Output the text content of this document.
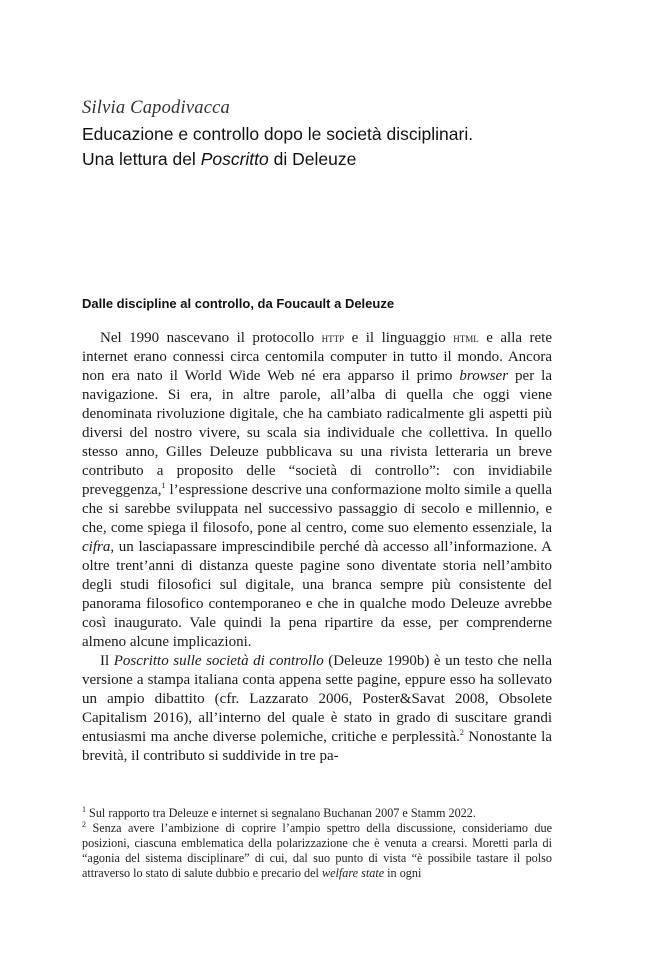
Silvia Capodivacca
Educazione e controllo dopo le società disciplinari.
Una lettura del Poscritto di Deleuze
Dalle discipline al controllo, da Foucault a Deleuze

Nel 1990 nascevano il protocollo http e il linguaggio html e alla rete internet erano connessi circa centomila computer in tutto il mondo. Ancora non era nato il World Wide Web né era apparso il primo browser per la navigazione. Si era, in altre parole, all’alba di quella che oggi viene denominata rivoluzione digitale, che ha cambiato radicalmente gli aspetti più diversi del nostro vivere, su scala sia individuale che collettiva. In quello stesso anno, Gilles Deleuze pubblicava su una rivista letteraria un breve contributo a proposito delle “società di controllo”: con invidiabile preveggenza,$^1$ l’espressione descrive una conformazione molto simile a quella che si sarebbe sviluppata nel successivo passaggio di secolo e millennio, e che, come spiega il filosofo, pone al centro, come suo elemento essenziale, la cifra, un lasciapassare imprescindibile perché dà accesso all’informazione. A oltre trent’anni di distanza queste pagine sono diventate storia nell’ambito degli studi filosofici sul digitale, una branca sempre più consistente del panorama filosofico contemporaneo e che in qualche modo Deleuze avrebbe così inaugurato. Vale quindi la pena ripartire da esse, per comprenderne almeno alcune implicazioni.

Il Poscritto sulle società di controllo (Deleuze 1990b) è un testo che nella versione a stampa italiana conta appena sette pagine, eppure esso ha sollevato un ampio dibattito (cfr. Lazzarato 2006, Poster&Savat 2008, Obsolete Capitalism 2016), all’interno del quale è stato in grado di suscitare grandi entusiasmi ma anche diverse polemiche, critiche e perplessità.$^2$ Nonostante la brevità, il contributo si suddivide in tre pa-

$^1$ Sul rapporto tra Deleuze e internet si segnalano Buchanan 2007 e Stamm 2022.

$^2$ Senza avere l’ambizione di coprire l’ampio spettro della discussione, consideriamo due posizioni, ciascuna emblematica della polarizzazione che è venuta a crearsi. Moretti parla di “agonia del sistema disciplinare” di cui, dal suo punto di vista “è possibile tastare il polso attraverso lo stato di salute dubbio e precario del welfare state in ogni
